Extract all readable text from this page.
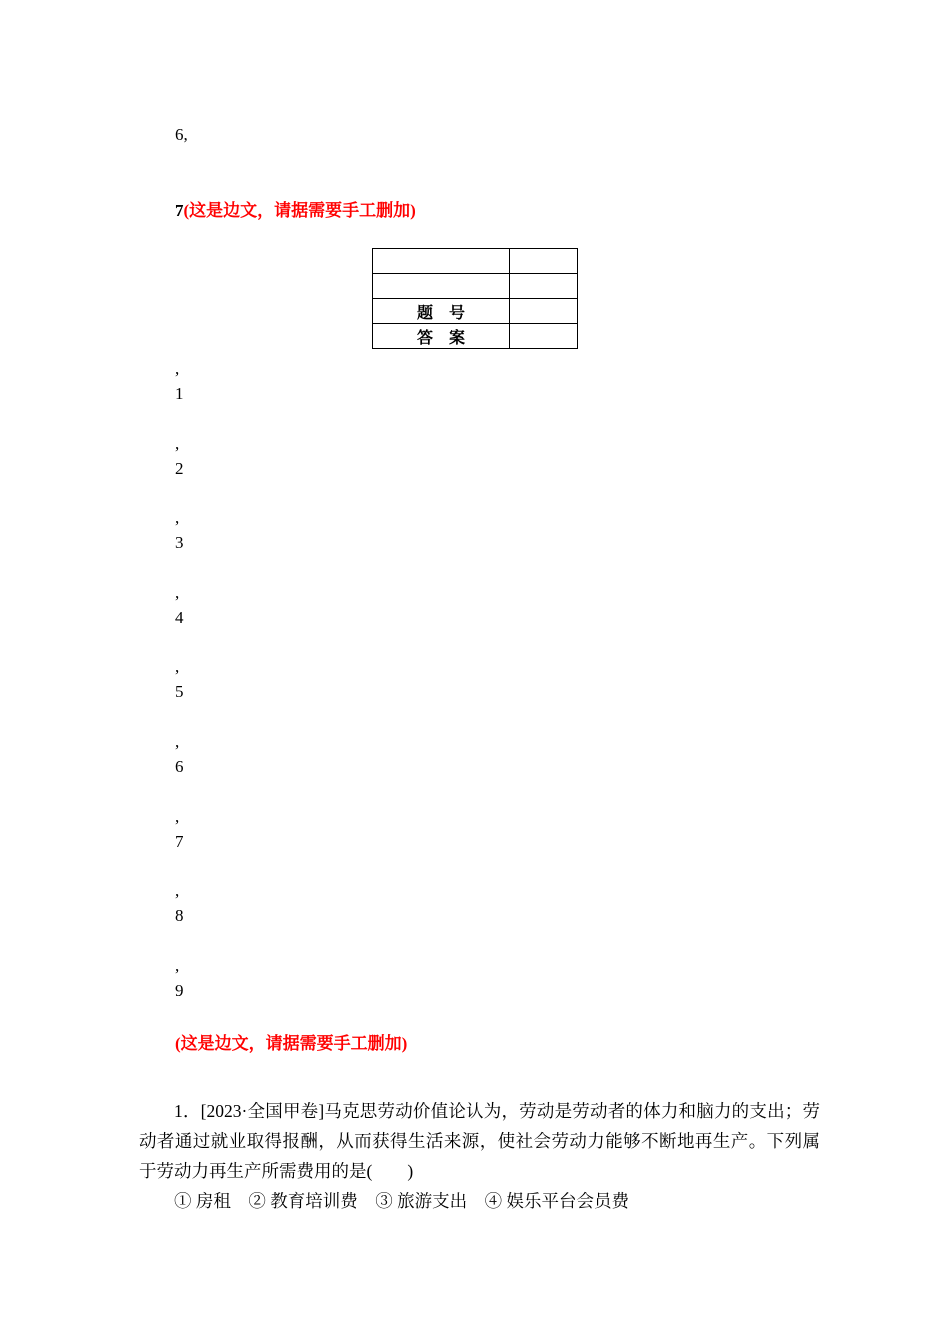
6,
7(这是边文，请据需要手工删加)

题　号	
答　案	
,
1
,
2
,
3
,
4
,
5
,
6
,
7
,
8
,
9
(这是边文，请据需要手工删加)

1．[2023·全国甲卷]马克思劳动价值论认为，劳动是劳动者的体力和脑力的支出；劳动者通过就业取得报酬，从而获得生活来源，使社会劳动力能够不断地再生产。下列属于劳动力再生产所需费用的是(　　)

① 房租　② 教育培训费　③ 旅游支出　④ 娱乐平台会员费
